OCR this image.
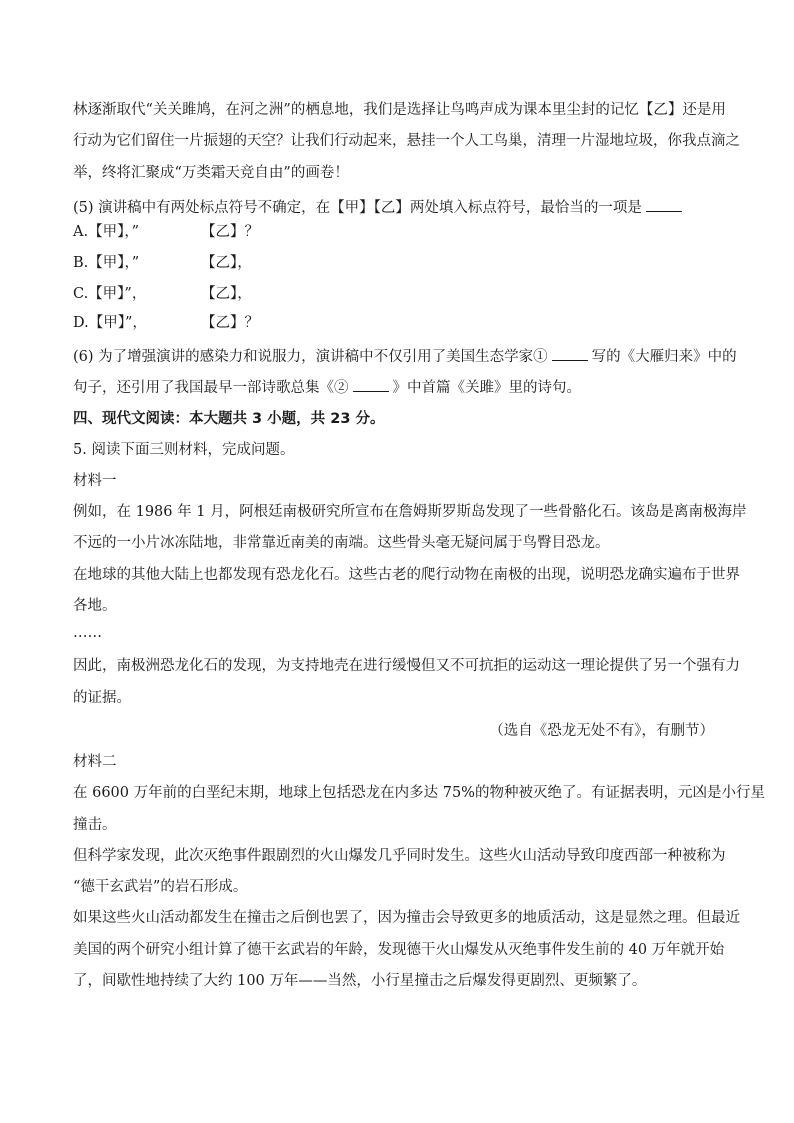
林逐渐取代“关关雎鸠，在河之洲”的栖息地，我们是选择让鸟鸣声成为课本里尘封的记忆【乙】还是用
行动为它们留住一片振翅的天空？让我们行动起来，悬挂一个人工鸟巢，清理一片湿地垃圾，你我点滴之
举，终将汇聚成“万类霜天竞自由”的画卷！
(5) 演讲稿中有两处标点符号不确定，在【甲】【乙】两处填入标点符号，最恰当的一项是
A.【甲】，”	【乙】？
B.【甲】，”	【乙】，
C.【甲】”，	【乙】，
D.【甲】”，	【乙】？
(6) 为了增强演讲的感染力和说服力，演讲稿中不仅引用了美国生态学家①	写的《大雁归来》中的
句子，还引用了我国最早一部诗歌总集《②	》中首篇《关雎》里的诗句。
四、现代文阅读：本大题共 3 小题，共 23 分。
5. 阅读下面三则材料，完成问题。
材料一
例如，在 1986 年 1 月，阿根廷南极研究所宣布在詹姆斯罗斯岛发现了一些骨骼化石。该岛是离南极海岸
不远的一小片冰冻陆地，非常靠近南美的南端。这些骨头毫无疑问属于鸟臀目恐龙。
在地球的其他大陆上也都发现有恐龙化石。这些古老的爬行动物在南极的出现，说明恐龙确实遍布于世界
各地。
……
因此，南极洲恐龙化石的发现，为支持地壳在进行缓慢但又不可抗拒的运动这一理论提供了另一个强有力
的证据。
（选自《恐龙无处不有》，有删节）
材料二
在 6600 万年前的白垩纪末期，地球上包括恐龙在内多达 75%的物种被灭绝了。有证据表明，元凶是小行星
撞击。
但科学家发现，此次灭绝事件跟剧烈的火山爆发几乎同时发生。这些火山活动导致印度西部一种被称为
“德干玄武岩”的岩石形成。
如果这些火山活动都发生在撞击之后倒也罢了，因为撞击会导致更多的地质活动，这是显然之理。但最近
美国的两个研究小组计算了德干玄武岩的年龄，发现德干火山爆发从灭绝事件发生前的 40 万年就开始
了，间歇性地持续了大约 100 万年——当然，小行星撞击之后爆发得更剧烈、更频繁了。
